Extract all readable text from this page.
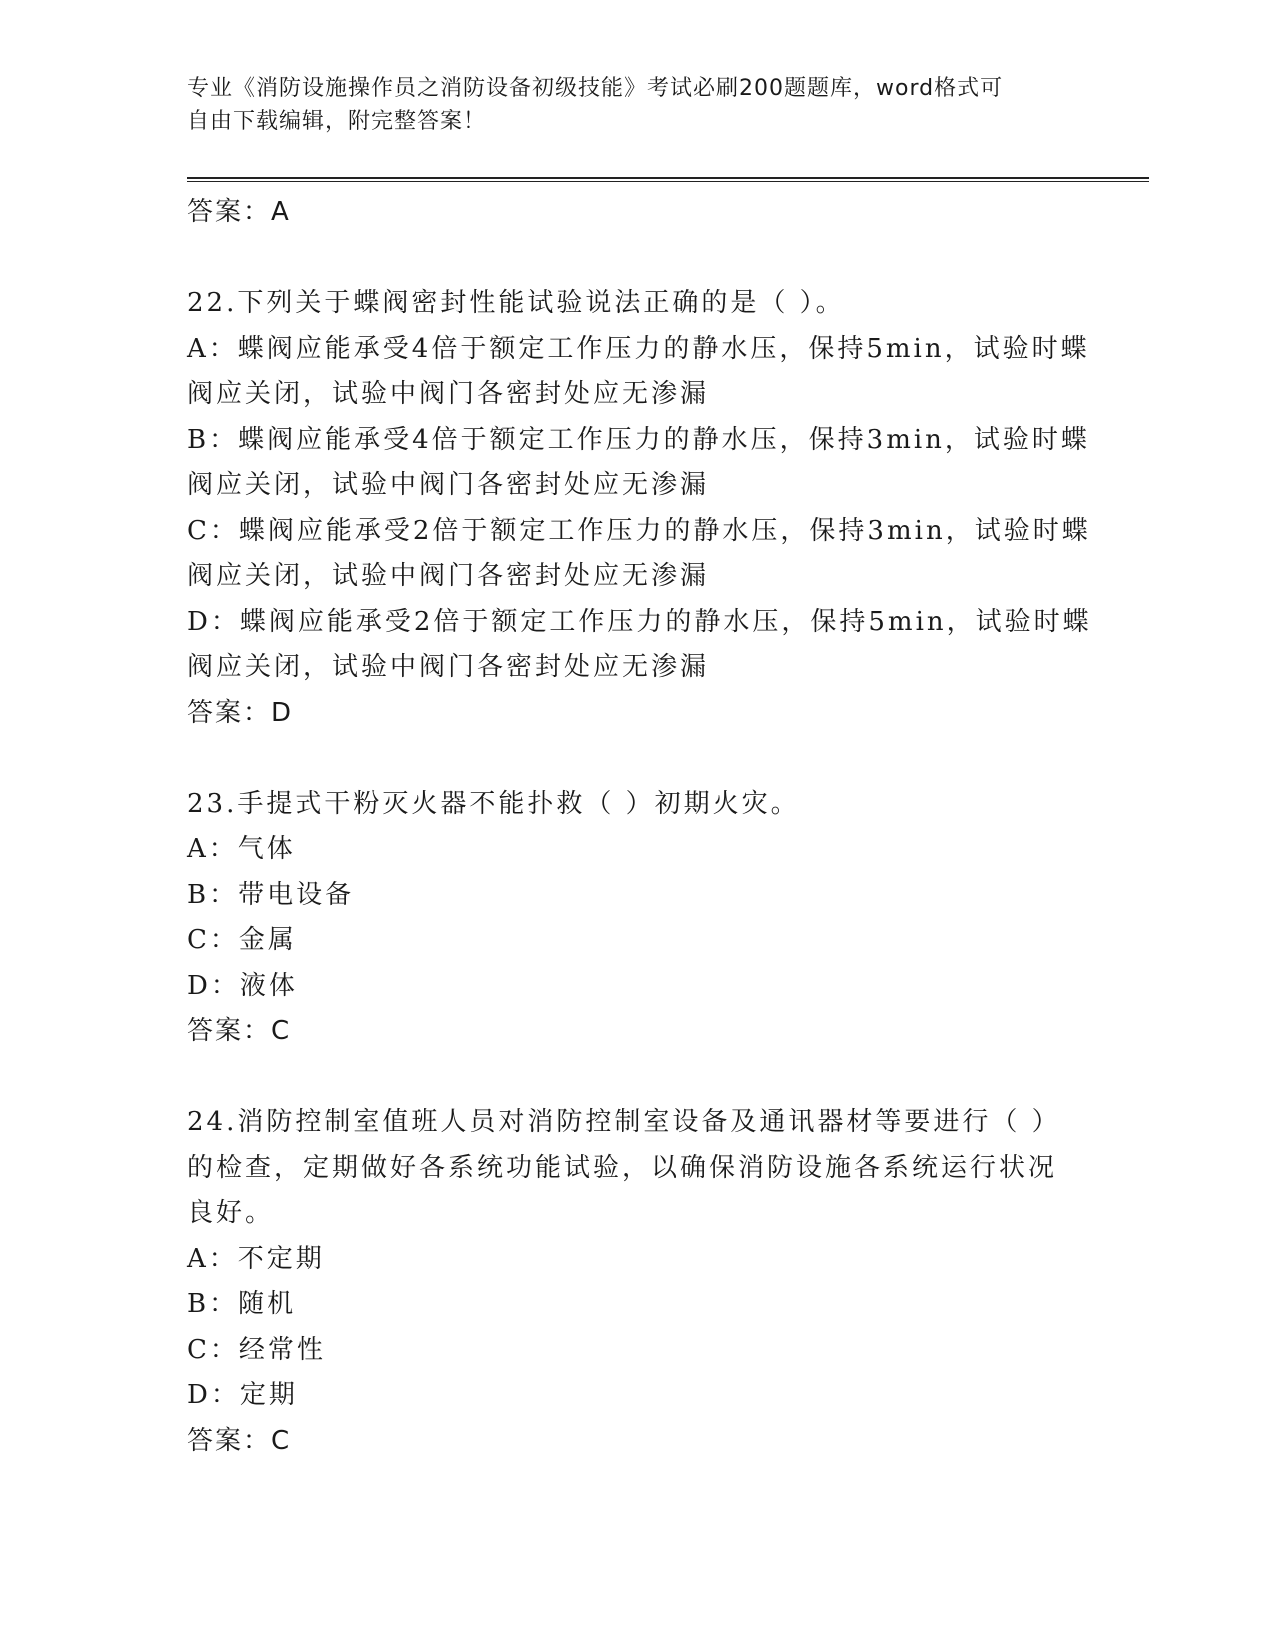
专业《消防设施操作员之消防设备初级技能》考试必刷200题题库，word格式可
自由下载编辑，附完整答案！
答案：A
22.下列关于蝶阀密封性能试验说法正确的是（ ）。
A：蝶阀应能承受4倍于额定工作压力的静水压，保持5min，试验时蝶
阀应关闭，试验中阀门各密封处应无渗漏
B：蝶阀应能承受4倍于额定工作压力的静水压，保持3min，试验时蝶
阀应关闭，试验中阀门各密封处应无渗漏
C：蝶阀应能承受2倍于额定工作压力的静水压，保持3min，试验时蝶
阀应关闭，试验中阀门各密封处应无渗漏
D：蝶阀应能承受2倍于额定工作压力的静水压，保持5min，试验时蝶
阀应关闭，试验中阀门各密封处应无渗漏
答案：D
23.手提式干粉灭火器不能扑救（ ）初期火灾。
A：气体
B：带电设备
C：金属
D：液体
答案：C
24.消防控制室值班人员对消防控制室设备及通讯器材等要进行（ ）
的检查，定期做好各系统功能试验，以确保消防设施各系统运行状况
良好。
A：不定期
B：随机
C：经常性
D：定期
答案：C
